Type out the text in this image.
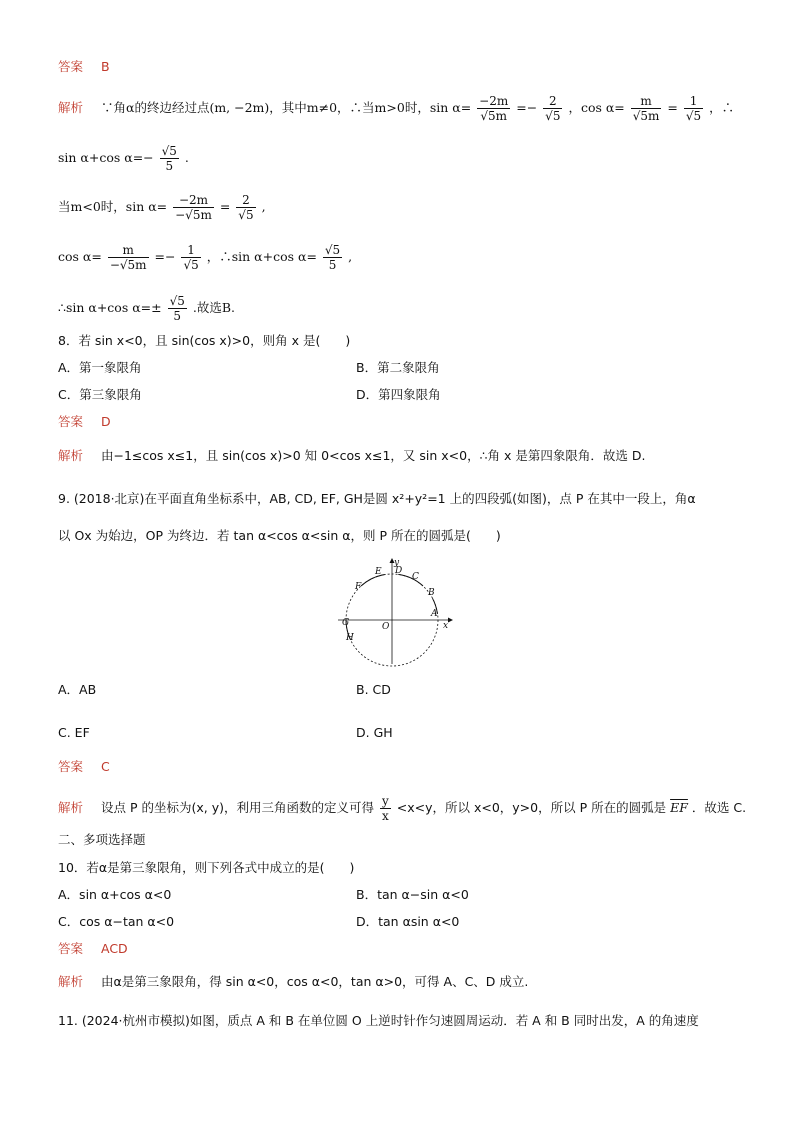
答案 B
解析 ∵角α的终边经过点(m, −2m)，其中m≠0，∴当m>0时，$\sin \alpha= \frac{-2m}{√5m} =- \frac{2}{√5}$ ，$\cos \alpha= \frac{m}{√5m} = \frac{1}{√5}$ ，∴
sin α+cos $\alpha=- \frac{√5}{5}$ .
当m<0时，$\sin \alpha= \frac{-2m}{-√5m} = \frac{2}{√5}$ ,
$\cos \alpha= \frac{m}{-√5m} =- \frac{1}{√5}$ ，∴sin α+cos $\alpha= \frac{√5}{5}$ ,
∴sin α+cos $\alpha=\pm \frac{√5}{5}$ .故选B.
8．若 sin x<0，且 sin(cos x)>0，则角 x 是(　　)
A．第一象限角	B．第二象限角
C．第三象限角	D．第四象限角
答案 D
解析 由−1≤cos x≤1，且 sin(cos x)>0 知 0<cos x≤1，又 sin x<0，∴角 x 是第四象限角．故选 D.
9. (2018·北京)在平面直角坐标系中，AB, CD, EF, GH是圆 x²+y²=1 上的四段弧(如图)，点 P 在其中一段上，角α
以 Ox 为始边，OP 为终边．若 tan α<cos α<sin α，则 P 所在的圆弧是(　　)
y
x
O
A
B
C
D
E
F
G
H
A．AB	B. CD
C. EF	D. GH
答案 C
解析 设点 P 的坐标为(x, y)，利用三角函数的定义可得 $\frac{y}{x} <x<y$，所以 x<0，y>0，所以 P 所在的圆弧是 $\overline{EF}$ ．故选 C.
二、多项选择题
10．若α是第三象限角，则下列各式中成立的是(　　)
A．sin α+cos α<0	B．tan α−sin α<0
C．cos α−tan α<0	D．tan αsin α<0
答案 ACD
解析 由α是第三象限角，得 sin α<0，cos α<0，tan α>0，可得 A、C、D 成立.
11. (2024·杭州市模拟)如图，质点 A 和 B 在单位圆 O 上逆时针作匀速圆周运动．若 A 和 B 同时出发，A 的角速度
